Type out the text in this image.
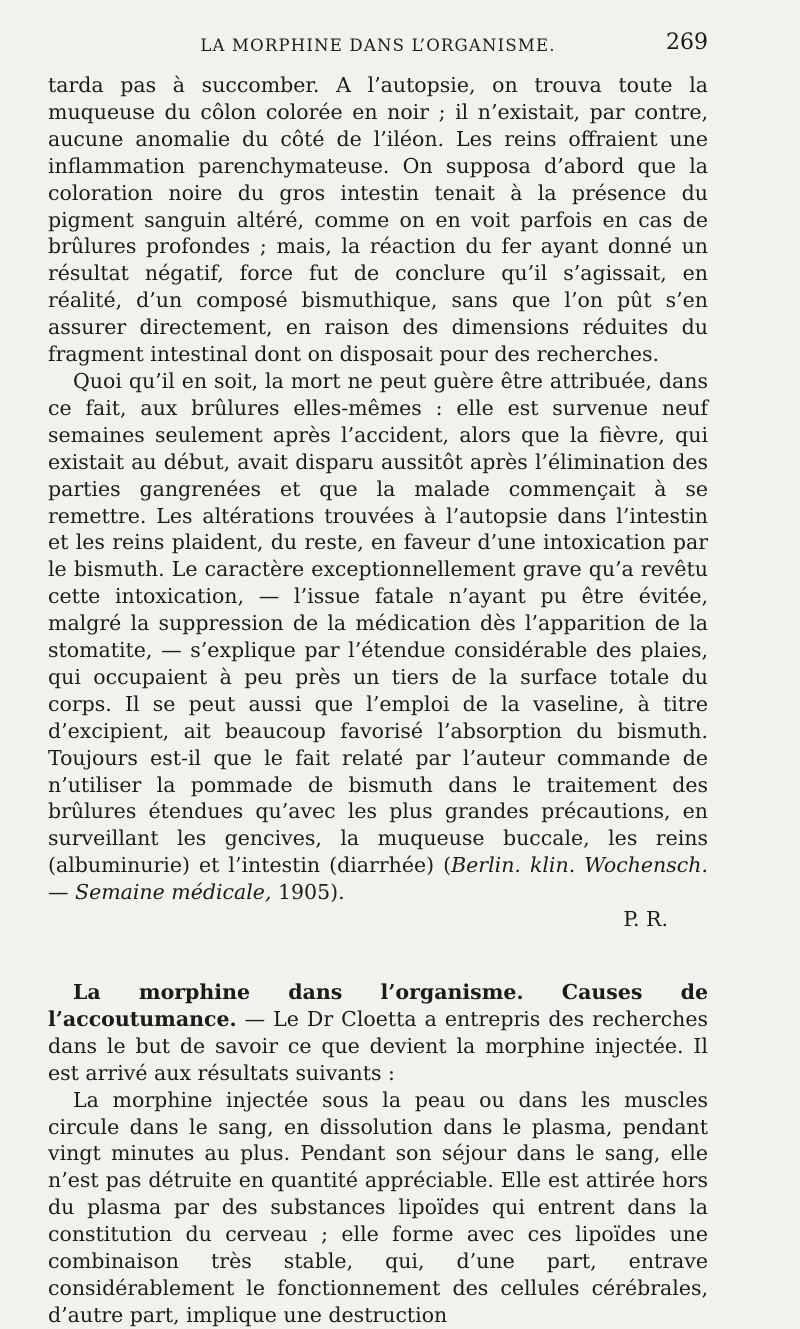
LA MORPHINE DANS L’ORGANISME.	269

tarda pas à succomber. A l’autopsie, on trouva toute la muqueuse du côlon colorée en noir ; il n’existait, par contre, aucune anomalie du côté de l’iléon. Les reins offraient une inflammation parenchymateuse. On supposa d’abord que la coloration noire du gros intestin tenait à la présence du pigment sanguin altéré, comme on en voit parfois en cas de brûlures profondes ; mais, la réaction du fer ayant donné un résultat négatif, force fut de conclure qu’il s’agissait, en réalité, d’un composé bismuthique, sans que l’on pût s’en assurer directement, en raison des dimensions réduites du fragment intestinal dont on disposait pour des recherches.

Quoi qu’il en soit, la mort ne peut guère être attribuée, dans ce fait, aux brûlures elles-mêmes : elle est survenue neuf semaines seulement après l’accident, alors que la fièvre, qui existait au début, avait disparu aussitôt après l’élimination des parties gangrenées et que la malade commençait à se remettre. Les altérations trouvées à l’autopsie dans l’intestin et les reins plaident, du reste, en faveur d’une intoxication par le bismuth. Le caractère exceptionnellement grave qu’a revêtu cette intoxication, — l’issue fatale n’ayant pu être évitée, malgré la suppression de la médication dès l’apparition de la stomatite, — s’explique par l’étendue considérable des plaies, qui occupaient à peu près un tiers de la surface totale du corps. Il se peut aussi que l’emploi de la vaseline, à titre d’excipient, ait beaucoup favorisé l’absorption du bismuth. Toujours est-il que le fait relaté par l’auteur commande de n’utiliser la pommade de bismuth dans le traitement des brûlures étendues qu’avec les plus grandes précautions, en surveillant les gencives, la muqueuse buccale, les reins (albuminurie) et l’intestin (diarrhée) (Berlin. klin. Wochensch. — Semaine médicale, 1905).

P. R.

La morphine dans l’organisme. Causes de l’accoutumance. — Le Dr Cloetta a entrepris des recherches dans le but de savoir ce que devient la morphine injectée. Il est arrivé aux résultats suivants :

La morphine injectée sous la peau ou dans les muscles circule dans le sang, en dissolution dans le plasma, pendant vingt minutes au plus. Pendant son séjour dans le sang, elle n’est pas détruite en quantité appréciable. Elle est attirée hors du plasma par des substances lipoïdes qui entrent dans la constitution du cerveau ; elle forme avec ces lipoïdes une combinaison très stable, qui, d’une part, entrave considérablement le fonctionnement des cellules cérébrales, d’autre part, implique une destruction
